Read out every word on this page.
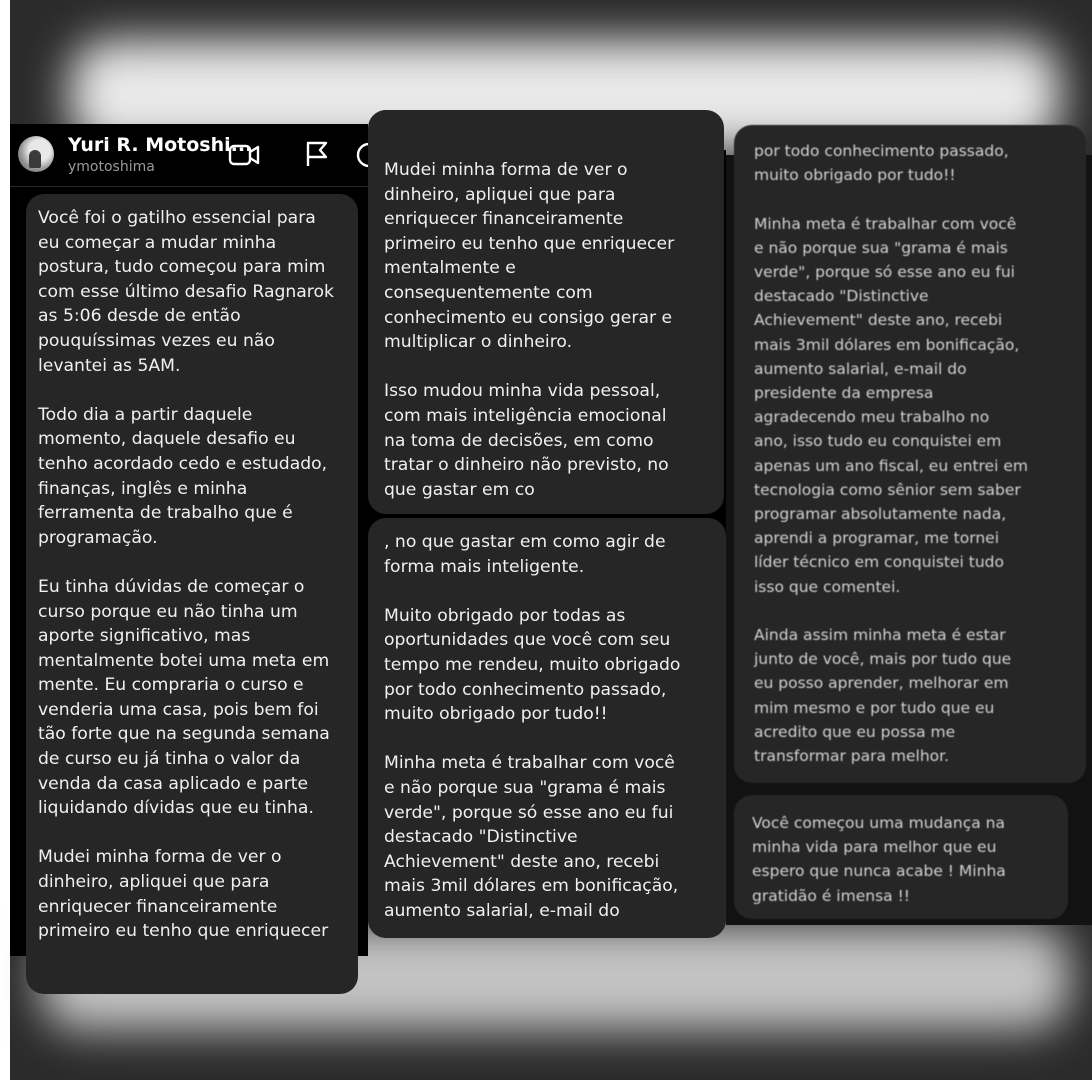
Yuri R. Motoshi...
ymotoshima
Você foi o gatilho essencial para
eu começar a mudar minha
postura, tudo começou para mim
com esse último desafio Ragnarok
as 5:06 desde de então
pouquíssimas vezes eu não
levantei as 5AM.

Todo dia a partir daquele
momento, daquele desafio eu
tenho acordado cedo e estudado,
finanças, inglês e minha
ferramenta de trabalho que é
programação.

Eu tinha dúvidas de começar o
curso porque eu não tinha um
aporte significativo, mas
mentalmente botei uma meta em
mente. Eu compraria o curso e
venderia uma casa, pois bem foi
tão forte que na segunda semana
de curso eu já tinha o valor da
venda da casa aplicado e parte
liquidando dívidas que eu tinha.

Mudei minha forma de ver o
dinheiro, apliquei que para
enriquecer financeiramente
primeiro eu tenho que enriquecer
Mudei minha forma de ver o
dinheiro, apliquei que para
enriquecer financeiramente
primeiro eu tenho que enriquecer
mentalmente e
consequentemente com
conhecimento eu consigo gerar e
multiplicar o dinheiro.

Isso mudou minha vida pessoal,
com mais inteligência emocional
na toma de decisões, em como
tratar o dinheiro não previsto, no
que gastar em co
, no que gastar em como agir de
forma mais inteligente.

Muito obrigado por todas as
oportunidades que você com seu
tempo me rendeu, muito obrigado
por todo conhecimento passado,
muito obrigado por tudo!!

Minha meta é trabalhar com você
e não porque sua "grama é mais
verde", porque só esse ano eu fui
destacado "Distinctive
Achievement" deste ano, recebi
mais 3mil dólares em bonificação,
aumento salarial, e-mail do
por todo conhecimento passado,
muito obrigado por tudo!!

Minha meta é trabalhar com você
e não porque sua "grama é mais
verde", porque só esse ano eu fui
destacado "Distinctive
Achievement" deste ano, recebi
mais 3mil dólares em bonificação,
aumento salarial, e-mail do
presidente da empresa
agradecendo meu trabalho no
ano, isso tudo eu conquistei em
apenas um ano fiscal, eu entrei em
tecnologia como sênior sem saber
programar absolutamente nada,
aprendi a programar, me tornei
líder técnico em conquistei tudo
isso que comentei.

Ainda assim minha meta é estar
junto de você, mais por tudo que
eu posso aprender, melhorar em
mim mesmo e por tudo que eu
acredito que eu possa me
transformar para melhor.
Você começou uma mudança na
minha vida para melhor que eu
espero que nunca acabe ! Minha
gratidão é imensa !!
